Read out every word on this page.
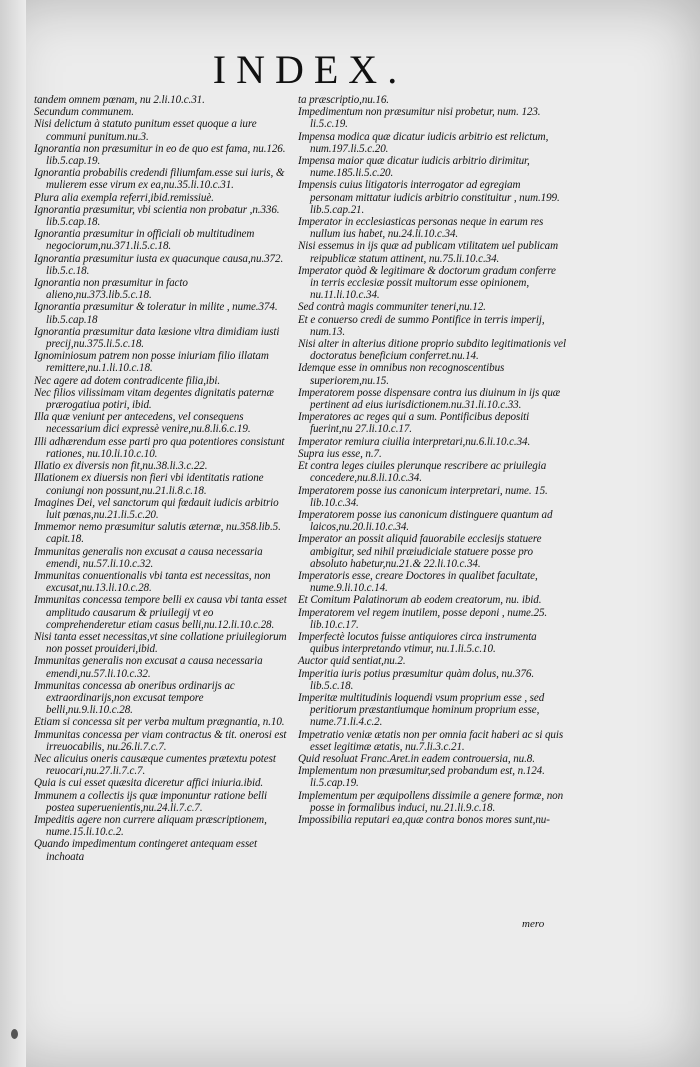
INDEX.

tandem omnem pœnam, nu 2.li.10.c.31.

Secundum communem.

Nisi delictum à statuto punitum esset quoque a iure communi punitum.nu.3.

Ignorantia non præsumitur in eo de quo est fama, nu.126. lib.5.cap.19.

Ignorantia probabilis credendi filiumfam.esse sui iuris, & mulierem esse virum ex ea,nu.35.li.10.c.31.

Plura alia exempla referri,ibid.remissiuè.

Ignorantia præsumitur, vbi scientia non probatur ,n.336. lib.5.cap.18.

Ignorantia præsumitur in officiali ob multitudinem negociorum,nu.371.li.5.c.18.

Ignorantia præsumitur iusta ex quacunque causa,nu.372. lib.5.c.18.

Ignorantia non præsumitur in facto alieno,nu.373.lib.5.c.18.

Ignorantia præsumitur & toleratur in milite , nume.374. lib.5.cap.18

Ignorantia præsumitur data læsione vltra dimidiam iusti precij,nu.375.li.5.c.18.

Ignominiosum patrem non posse iniuriam filio illatam remittere,nu.1.li.10.c.18.

Nec agere ad dotem contradicente filia,ibi.

Nec filios vilissimam vitam degentes dignitatis paternæ prærogatiua potiri, ibid.

Illa quæ veniunt per antecedens, vel consequens necessarium dici expressè venire,nu.8.li.6.c.19.

Illi adhærendum esse parti pro qua potentiores consistunt rationes, nu.10.li.10.c.10.

Illatio ex diversis non fit,nu.38.li.3.c.22.

Illationem ex diuersis non fieri vbi identitatis ratione coniungi non possunt,nu.21.li.8.c.18.

Imagines Dei, vel sanctorum qui fœdauit iudicis arbitrio luit pœnas,nu.21.li.5.c.20.

Immemor nemo præsumitur salutis æternæ, nu.358.lib.5. capit.18.

Immunitas generalis non excusat a causa necessaria emendi, nu.57.li.10.c.32.

Immunitas conuentionalis vbi tanta est necessitas, non excusat,nu.13.li.10.c.28.

Immunitas concessa tempore belli ex causa vbi tanta esset amplitudo causarum & priuilegij vt eo comprehenderetur etiam casus belli,nu.12.li.10.c.28.

Nisi tanta esset necessitas,vt sine collatione priuilegiorum non posset prouideri,ibid.

Immunitas generalis non excusat a causa necessaria emendi,nu.57.li.10.c.32.

Immunitas concessa ab oneribus ordinarijs ac extraordinarijs,non excusat tempore belli,nu.9.li.10.c.28.

Etiam si concessa sit per verba multum prægnantia, n.10.

Immunitas concessa per viam contractus & tit. onerosi est irreuocabilis, nu.26.li.7.c.7.

Nec alicuius oneris causæque cumentes prætextu potest reuocari,nu.27.li.7.c.7.

Quia is cui esset quæsita diceretur affici iniuria.ibid.

Immunem a collectis ijs quæ imponuntur ratione belli postea superuenientis,nu.24.li.7.c.7.

Impeditis agere non currere aliquam præscriptionem, nume.15.li.10.c.2.

Quando impedimentum contingeret antequam esset inchoata

ta præscriptio,nu.16.

Impedimentum non præsumitur nisi probetur, num. 123. li.5.c.19.

Impensa modica quæ dicatur iudicis arbitrio est relictum, num.197.li.5.c.20.

Impensa maior quæ dicatur iudicis arbitrio dirimitur, nume.185.li.5.c.20.

Impensis cuius litigatoris interrogator ad egregiam personam mittatur iudicis arbitrio constituitur , num.199. lib.5.cap.21.

Imperator in ecclesiasticas personas neque in earum res nullum ius habet, nu.24.li.10.c.34.

Nisi essemus in ijs quæ ad publicam vtilitatem uel publicam reipublicæ statum attinent, nu.75.li.10.c.34.

Imperator quòd & legitimare & doctorum gradum conferre in terris ecclesiæ possit multorum esse opinionem, nu.11.li.10.c.34.

Sed contrà magis communiter teneri,nu.12.

Et e conuerso credi de summo Pontifice in terris imperij, num.13.

Nisi alter in alterius ditione proprio subdito legitimationis vel doctoratus beneficium conferret.nu.14.

Idemque esse in omnibus non recognoscentibus superiorem,nu.15.

Imperatorem posse dispensare contra ius diuinum in ijs quæ pertinent ad eius iurisdictionem.nu.31.li.10.c.33.

Imperatores ac reges qui a sum. Pontificibus depositi fuerint,nu 27.li.10.c.17.

Imperator remiura ciuilia interpretari,nu.6.li.10.c.34.

Supra ius esse, n.7.

Et contra leges ciuiles plerunque rescribere ac priuilegia concedere,nu.8.li.10.c.34.

Imperatorem posse ius canonicum interpretari, nume. 15. lib.10.c.34.

Imperatorem posse ius canonicum distinguere quantum ad laicos,nu.20.li.10.c.34.

Imperator an possit aliquid fauorabile ecclesijs statuere ambigitur, sed nihil præiudiciale statuere posse pro absoluto habetur,nu.21.& 22.li.10.c.34.

Imperatoris esse, creare Doctores in qualibet facultate, nume.9.li.10.c.14.

Et Comitum Palatinorum ab eodem creatorum, nu. ibid.

Imperatorem vel regem inutilem, posse deponi , nume.25. lib.10.c.17.

Imperfectè locutos fuisse antiquiores circa instrumenta quibus interpretando vtimur, nu.1.li.5.c.10.

Auctor quid sentiat,nu.2.

Imperitia iuris potius præsumitur quàm dolus, nu.376. lib.5.c.18.

Imperitæ multitudinis loquendi vsum proprium esse , sed peritiorum præstantiumque hominum proprium esse, nume.71.li.4.c.2.

Impetratio veniæ ætatis non per omnia facit haberi ac si quis esset legitimæ ætatis, nu.7.li.3.c.21.

Quid resoluat Franc.Aret.in eadem controuersia, nu.8.

Implementum non præsumitur,sed probandum est, n.124. li.5.cap.19.

Implementum per æquipollens dissimile a genere formæ, non posse in formalibus induci, nu.21.li.9.c.18.

Impossibilia reputari ea,quæ contra bonos mores sunt,nu-

mero
